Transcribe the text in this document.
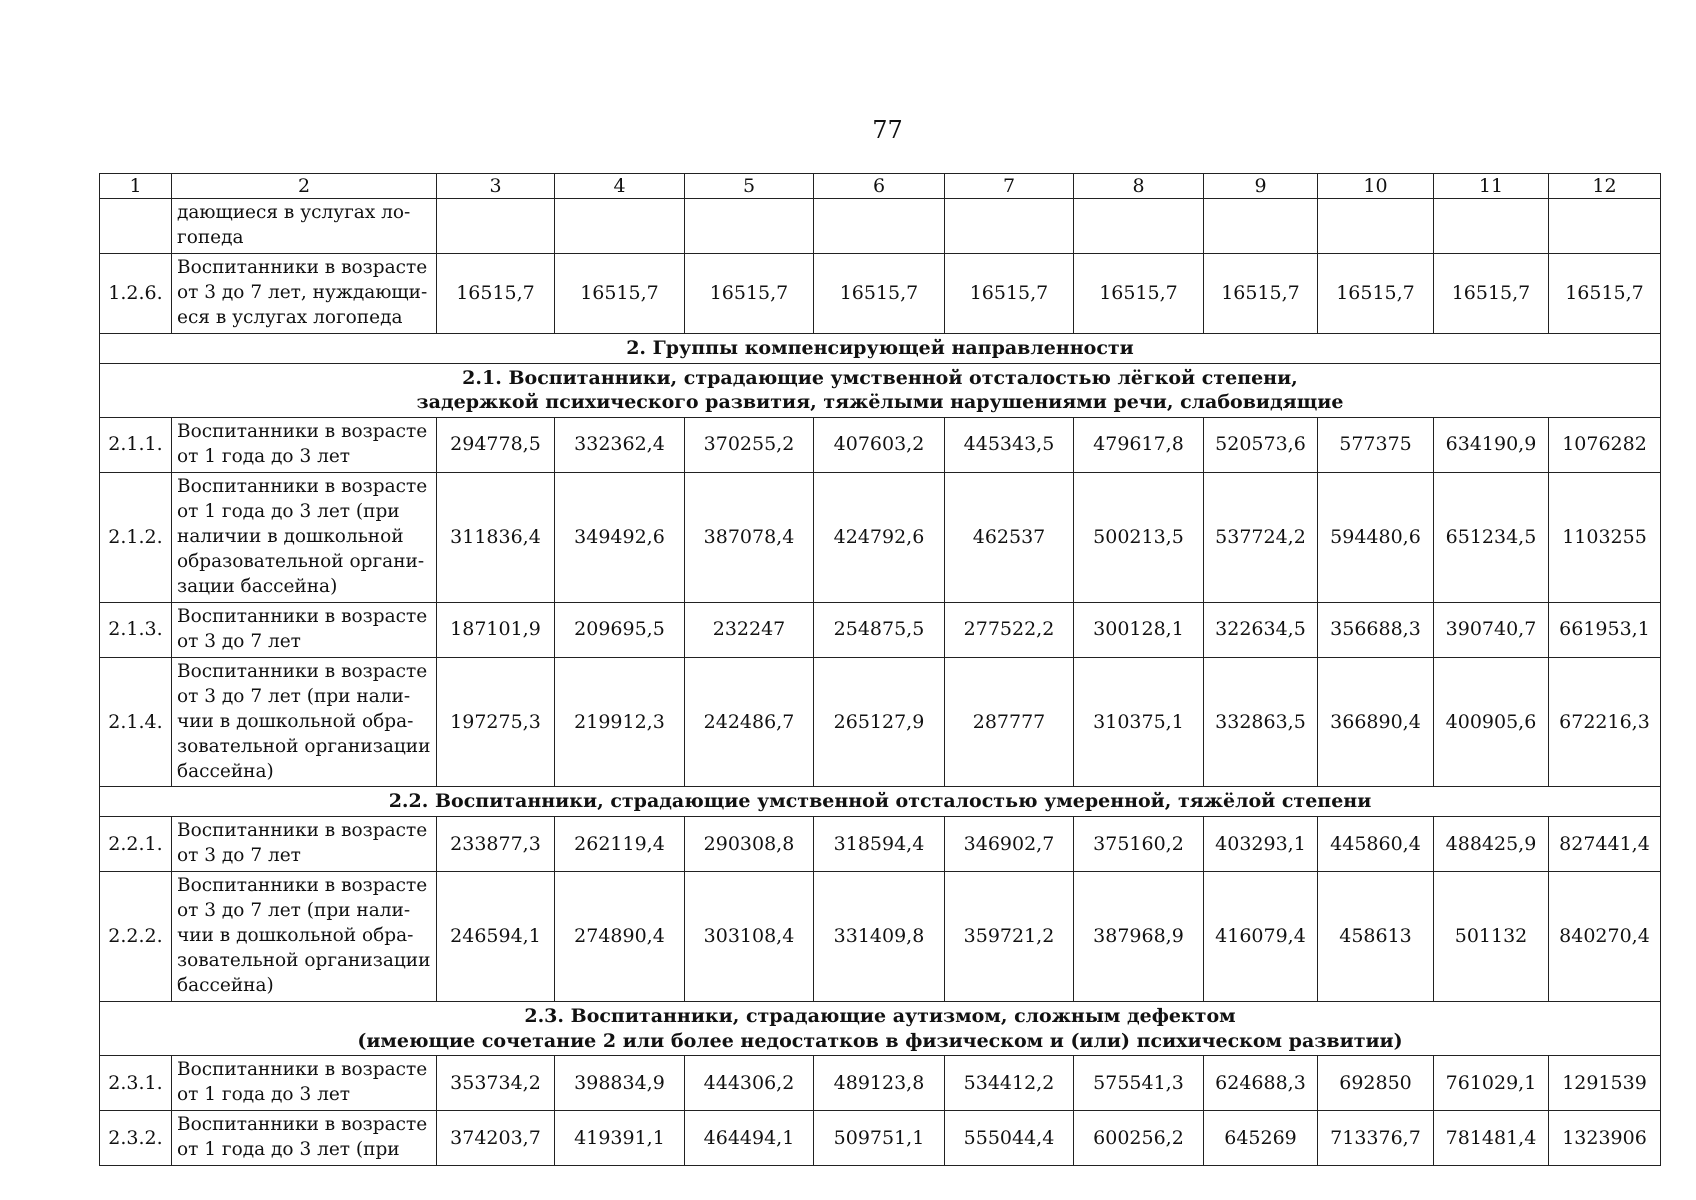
77
1	2	3	4	5	6	7	8	9	10	11	12

	дающиеся в услугах ло-
гопеда										

1.2.6.	Воспитанники в возрасте
от 3 до 7 лет, нуждающи-
еся в услугах логопеда	16515,7	16515,7	16515,7	16515,7	16515,7	16515,7	16515,7	16515,7	16515,7	16515,7
2. Группы компенсирующей направленности											

2.1. Воспитанники, страдающие умственной отсталостью лёгкой степени,
задержкой психического развития, тяжёлыми нарушениями речи, слабовидящие											

2.1.1.	Воспитанники в возрасте
от 1 года до 3 лет	294778,5	332362,4	370255,2	407603,2	445343,5	479617,8	520573,6	577375	634190,9	1076282
2.1.2.	Воспитанники в возрасте
от 1 года до 3 лет (при
наличии в дошкольной
образовательной органи-
зации бассейна)	311836,4	349492,6	387078,4	424792,6	462537	500213,5	537724,2	594480,6	651234,5	1103255
2.1.3.	Воспитанники в возрасте
от 3 до 7 лет	187101,9	209695,5	232247	254875,5	277522,2	300128,1	322634,5	356688,3	390740,7	661953,1
2.1.4.	Воспитанники в возрасте
от 3 до 7 лет (при нали-
чии в дошкольной обра-
зовательной организации
бассейна)	197275,3	219912,3	242486,7	265127,9	287777	310375,1	332863,5	366890,4	400905,6	672216,3
2.2. Воспитанники, страдающие умственной отсталостью умеренной, тяжёлой степени											
2.2.1.	Воспитанники в возрасте
от 3 до 7 лет	233877,3	262119,4	290308,8	318594,4	346902,7	375160,2	403293,1	445860,4	488425,9	827441,4
2.2.2.	Воспитанники в возрасте
от 3 до 7 лет (при нали-
чии в дошкольной обра-
зовательной организации
бассейна)	246594,1	274890,4	303108,4	331409,8	359721,2	387968,9	416079,4	458613	501132	840270,4

2.3. Воспитанники, страдающие аутизмом, сложным дефектом
(имеющие сочетание 2 или более недостатков в физическом и (или) психическом развитии)											

2.3.1.	Воспитанники в возрасте
от 1 года до 3 лет	353734,2	398834,9	444306,2	489123,8	534412,2	575541,3	624688,3	692850	761029,1	1291539
2.3.2.	Воспитанники в возрасте
от 1 года до 3 лет (при	374203,7	419391,1	464494,1	509751,1	555044,4	600256,2	645269	713376,7	781481,4	1323906
